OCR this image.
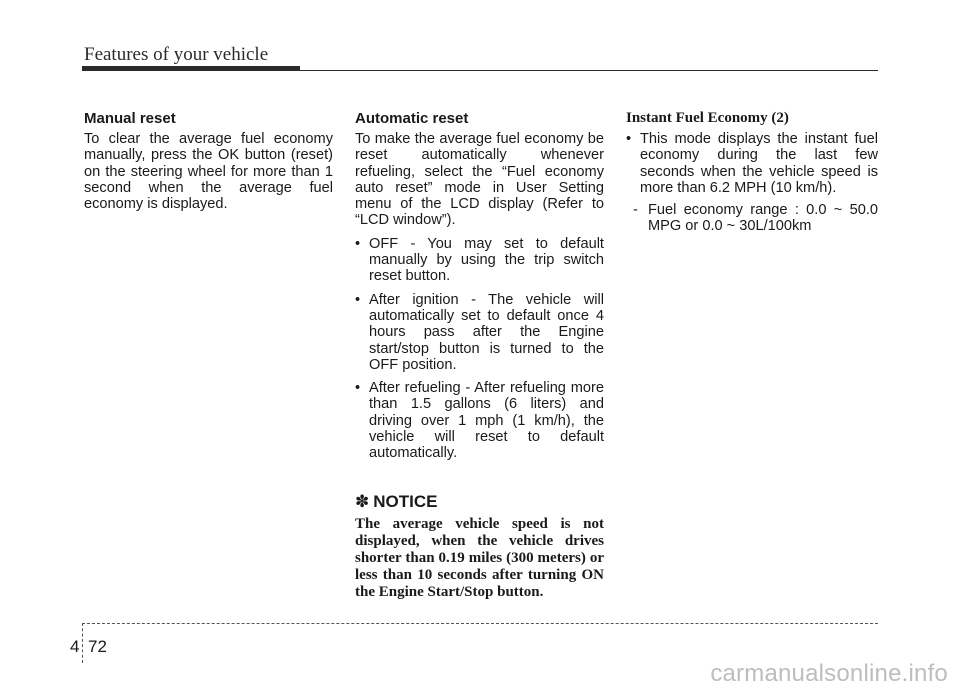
Features of your vehicle
Manual reset

To clear the average fuel economy manually, press the OK button (reset) on the steering wheel for more than 1 second when the average fuel economy is displayed.

Automatic reset

To make the average fuel economy be reset automatically whenever refueling, select the “Fuel economy auto reset” mode in User Setting menu of the LCD display (Refer to “LCD window”).

• OFF - You may set to default manually by using the trip switch reset button.
• After ignition - The vehicle will automatically set to default once 4 hours pass after the Engine start/stop button is turned to the OFF position.
• After refueling - After refueling more than 1.5 gallons (6 liters) and driving over 1 mph (1 km/h), the vehicle will reset to default automatically.
✽ NOTICE

The average vehicle speed is not displayed, when the vehicle drives shorter than 0.19 miles (300 meters) or less than 10 seconds after turning ON the Engine Start/Stop button.

Instant Fuel Economy (2)
• This mode displays the instant fuel economy during the last few seconds when the vehicle speed is more than 6.2 MPH (10 km/h).
- Fuel economy range : 0.0 ~ 50.0 MPG or 0.0 ~ 30L/100km
4 72
carmanualsonline.info
